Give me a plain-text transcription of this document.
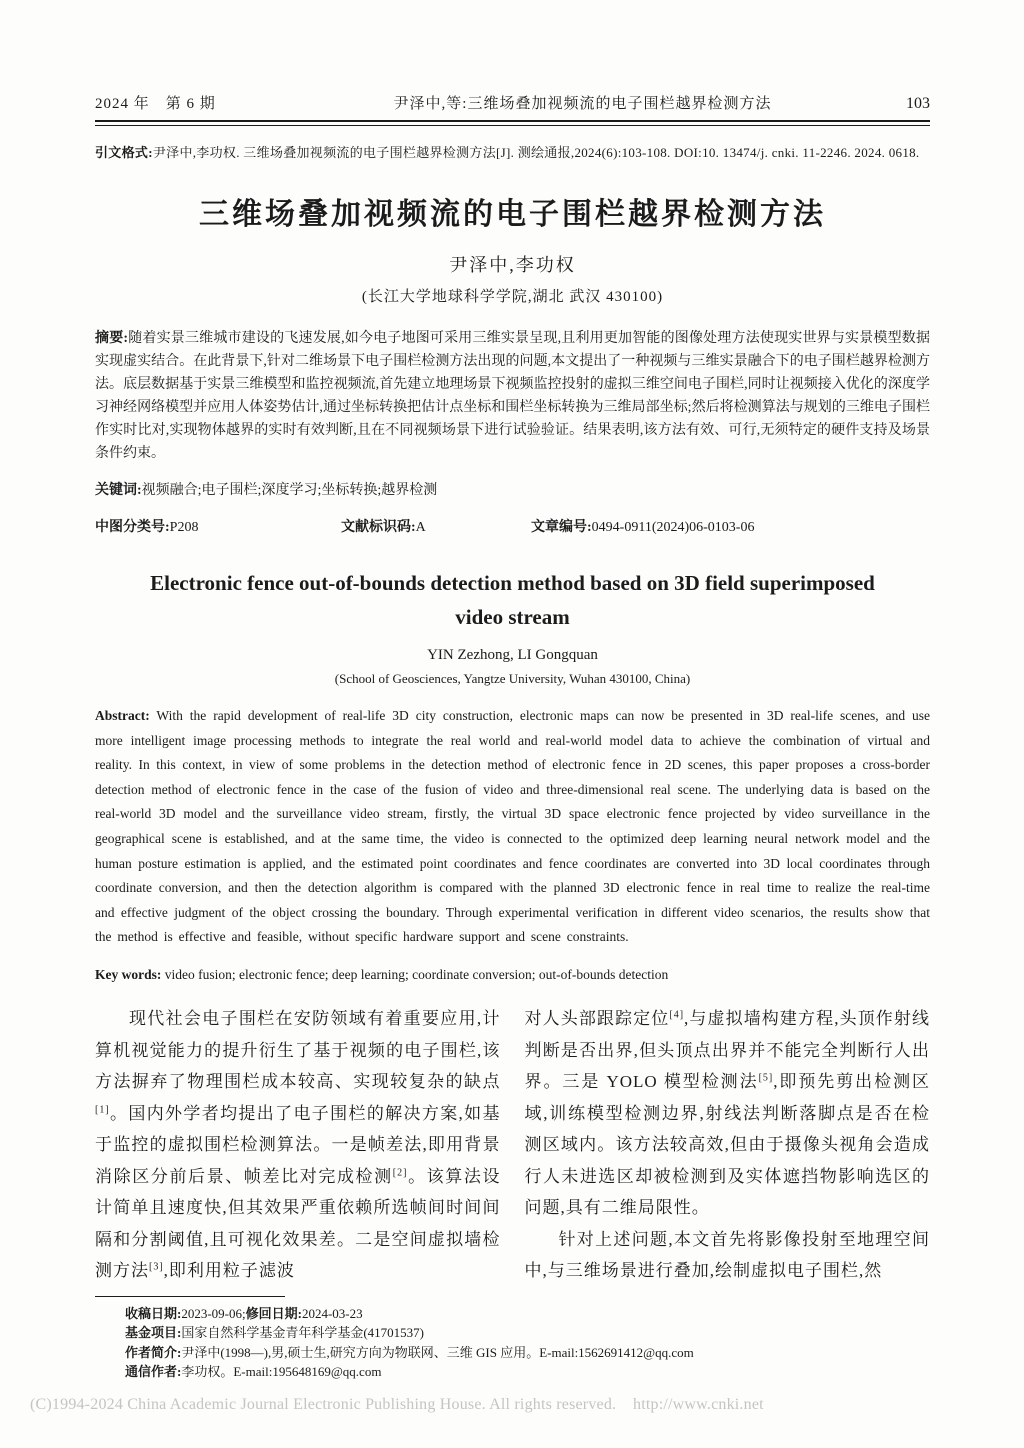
2024 年　第 6 期	尹泽中,等:三维场叠加视频流的电子围栏越界检测方法	103

引文格式:尹泽中,李功权. 三维场叠加视频流的电子围栏越界检测方法[J]. 测绘通报,2024(6):103-108. DOI:10. 13474/j. cnki. 11-2246. 2024. 0618.

三维场叠加视频流的电子围栏越界检测方法
尹泽中,李功权
(长江大学地球科学学院,湖北 武汉 430100)

摘要:随着实景三维城市建设的飞速发展,如今电子地图可采用三维实景呈现,且利用更加智能的图像处理方法使现实世界与实景模型数据实现虚实结合。在此背景下,针对二维场景下电子围栏检测方法出现的问题,本文提出了一种视频与三维实景融合下的电子围栏越界检测方法。底层数据基于实景三维模型和监控视频流,首先建立地理场景下视频监控投射的虚拟三维空间电子围栏,同时让视频接入优化的深度学习神经网络模型并应用人体姿势估计,通过坐标转换把估计点坐标和围栏坐标转换为三维局部坐标;然后将检测算法与规划的三维电子围栏作实时比对,实现物体越界的实时有效判断,且在不同视频场景下进行试验验证。结果表明,该方法有效、可行,无须特定的硬件支持及场景条件约束。

关键词:视频融合;电子围栏;深度学习;坐标转换;越界检测

中图分类号:P208	文献标识码:A	文章编号:0494-0911(2024)06-0103-06
Electronic fence out-of-bounds detection method based on 3D field superimposed video stream
YIN Zezhong, LI Gongquan
(School of Geosciences, Yangtze University, Wuhan 430100, China)

Abstract: With the rapid development of real-life 3D city construction, electronic maps can now be presented in 3D real-life scenes, and use more intelligent image processing methods to integrate the real world and real-world model data to achieve the combination of virtual and reality. In this context, in view of some problems in the detection method of electronic fence in 2D scenes, this paper proposes a cross-border detection method of electronic fence in the case of the fusion of video and three-dimensional real scene. The underlying data is based on the real-world 3D model and the surveillance video stream, firstly, the virtual 3D space electronic fence projected by video surveillance in the geographical scene is established, and at the same time, the video is connected to the optimized deep learning neural network model and the human posture estimation is applied, and the estimated point coordinates and fence coordinates are converted into 3D local coordinates through coordinate conversion, and then the detection algorithm is compared with the planned 3D electronic fence in real time to realize the real-time and effective judgment of the object crossing the boundary. Through experimental verification in different video scenarios, the results show that the method is effective and feasible, without specific hardware support and scene constraints.

Key words: video fusion; electronic fence; deep learning; coordinate conversion; out-of-bounds detection

现代社会电子围栏在安防领域有着重要应用,计算机视觉能力的提升衍生了基于视频的电子围栏,该方法摒弃了物理围栏成本较高、实现较复杂的缺点[1]。国内外学者均提出了电子围栏的解决方案,如基于监控的虚拟围栏检测算法。一是帧差法,即用背景消除区分前后景、帧差比对完成检测[2]。该算法设计简单且速度快,但其效果严重依赖所选帧间时间间隔和分割阈值,且可视化效果差。二是空间虚拟墙检测方法[3],即利用粒子滤波

对人头部跟踪定位[4],与虚拟墙构建方程,头顶作射线判断是否出界,但头顶点出界并不能完全判断行人出界。三是 YOLO 模型检测法[5],即预先剪出检测区域,训练模型检测边界,射线法判断落脚点是否在检测区域内。该方法较高效,但由于摄像头视角会造成行人未进选区却被检测到及实体遮挡物影响选区的问题,具有二维局限性。

针对上述问题,本文首先将影像投射至地理空间中,与三维场景进行叠加,绘制虚拟电子围栏,然

收稿日期:2023-09-06;修回日期:2024-03-23

基金项目:国家自然科学基金青年科学基金(41701537)

作者简介:尹泽中(1998—),男,硕士生,研究方向为物联网、三维 GIS 应用。E-mail:1562691412@qq.com

通信作者:李功权。E-mail:195648169@qq.com

(C)1994-2024 China Academic Journal Electronic Publishing House. All rights reserved.    http://www.cnki.net
